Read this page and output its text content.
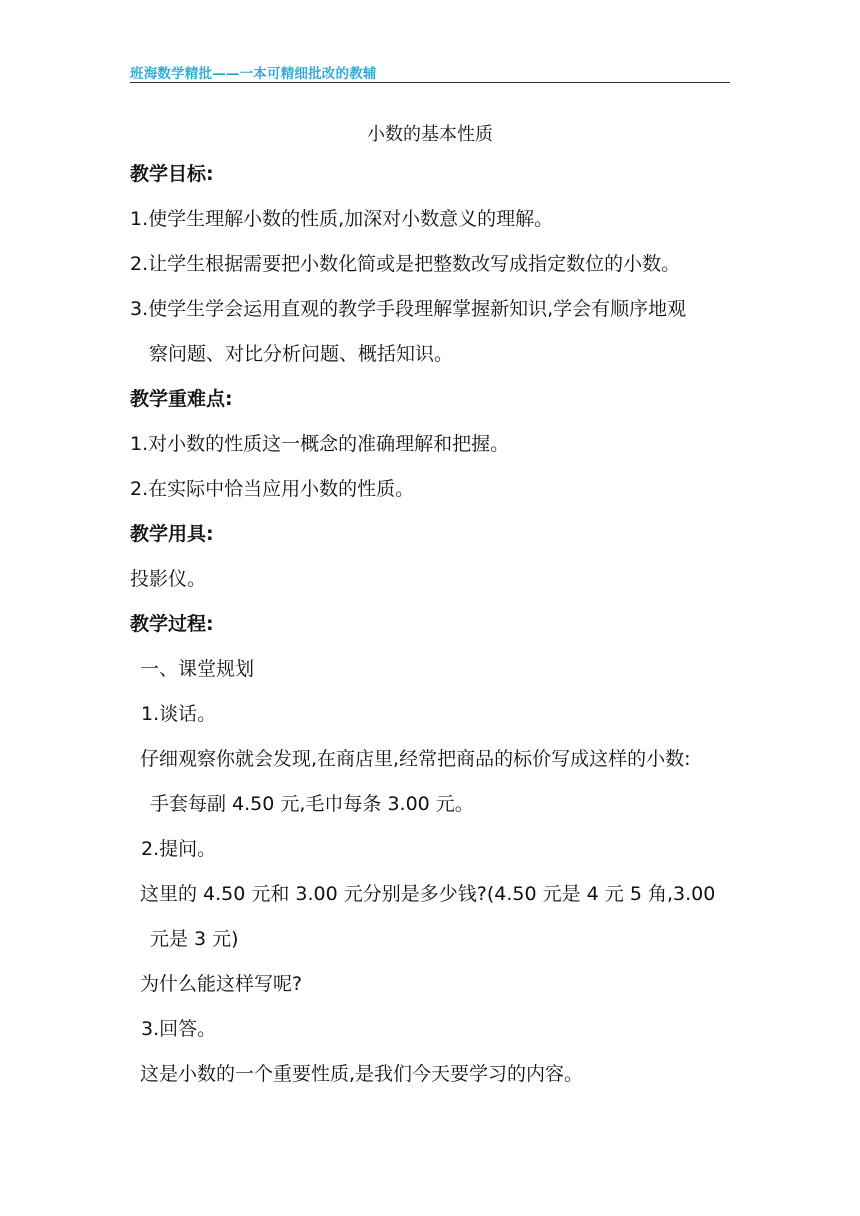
班海数学精批——一本可精细批改的教辅
小数的基本性质
教学目标:
1.使学生理解小数的性质,加深对小数意义的理解。
2.让学生根据需要把小数化简或是把整数改写成指定数位的小数。
3.使学生学会运用直观的教学手段理解掌握新知识,学会有顺序地观
察问题、对比分析问题、概括知识。
教学重难点:
1.对小数的性质这一概念的准确理解和把握。
2.在实际中恰当应用小数的性质。
教学用具:
投影仪。
教学过程:
一、课堂规划
1.谈话。
仔细观察你就会发现,在商店里,经常把商品的标价写成这样的小数:
手套每副 4.50 元,毛巾每条 3.00 元。
2.提问。
这里的 4.50 元和 3.00 元分别是多少钱?(4.50 元是 4 元 5 角,3.00
元是 3 元)
为什么能这样写呢?
3.回答。
这是小数的一个重要性质,是我们今天要学习的内容。
